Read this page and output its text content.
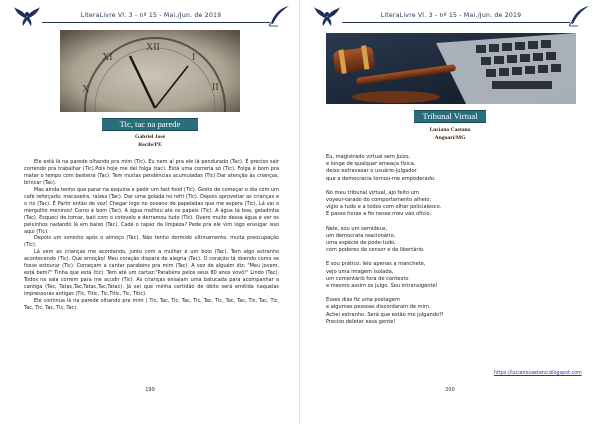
LiteraLivre Vl. 3 - nº 15 - Mai./Jun. de 2019
X
XI
XII
I
II
Tic, tac na parede
Gabriel José
Recife/PE

Ele está lá na parede olhando pra mim (Tic). Eu nem aí pra ele lá pendurado (Tac). É preciso sair correndo pra trabalhar (Tic).Pois hoje me dei folga (tac). Está uma correria só (Tic). Folga é bom pra matar o tempo com besteira (Tac). Tem muitas pendências acumuladas (Tic) Dar atenção às crianças, brincar (Tac).

Mas ainda tenho que parar na esquina e pedir um fast food (Tic). Gosto de começar o dia com um café reforçado: macaxeira, raízes (Tac). Dar uma golada no refri (Tic). Depois aproveitar as crianças e o rio (Tac). É Partir então de vez! Chegar logo no oceano de papeladas que me espera (Tic). Lá vai o mergulho meninos! Como é bom (Tac). A água molhou até os papéis (Tic). A água tá boa, geladinha (Tac). Esqueci de tomar, bati com o cotovelo e derramou tudo (Tic). Quero muito dessa água e ver os peixinhos nadando lá em baixo (Tac). Cadê o rapaz da limpeza? Pede pra ele vim logo enxugar isso aqui (Tic).

Depois um soninho após o almoço (Tac). Não tenho dormido ultimamente, muita preocupação (Tic).

Lá vem as crianças me acordando, junto com a mulher e um bolo (Tac). Tem algo estranho acontecendo (Tic). Que emoção! Meu coração dispara de alegria (Tac). O coração tá doendo como se fosse estourar (Tic). Começam a cantar parabéns pra mim (Tac). A voz de alguém diz: "Meu jovem, está bem?" Tinha que está (tic). Tem até um cartaz:"Parabéns pelos seus 80 anos vovô!" Lindo (Tac). Todos na sala correm para me acudir (Tic). As crianças ensaiam uma batucada para acompanhar a cantiga (Tac, Tatac,Tac,Tatac,Tac,Tatac). Já sei que minha certidão de óbito será emitida naquelas impressoras antigas (Tic, Titic, Tic,Titic, Tic, Titic).

Ele continua lá na parede olhando pra mim ( Tic, Tac, Tic, Tac, Tic, Tac, Tic, Tac, Tac, Tic, Tac, Tic, Tac, Tic, Tac, Tic, Tac).

199
LiteraLivre Vl. 3 - nº 15 - Mai./Jun. de 2019
Tribunal Virtual
Luciano Caetano
Anguari/MG
Eu, magistrado virtual sem Juízo,
e longe de qualquer ameaça física,
deixo extravasar o usuário-julgador
que a democracia tornou-me empoderado.
No meu tribunal virtual, ajo feito um
voyeur-tarado do comportamento alheio;
vigio a tudo e a todos com olhar policialesco.
E passo horas a fio nesse meu vão ofício.
Nele, sou um semideus,
um democrata reacionário,
uma espécie de pode-tudo,
com poderes de censor e de libertário.
E sou prático: leio apenas a manchete,
vejo uma imagem isolada,
um comentário fora de contexto
e mesmo assim os julgo. Sou intransigente!
Esses dias fiz uma postagem
e algumas pessoas discordaram de mim.
Achei estranho. Será que estão me julgando?!
Preciso deletar essa gente!
https://lucianocaetano.blogspot.com
200
